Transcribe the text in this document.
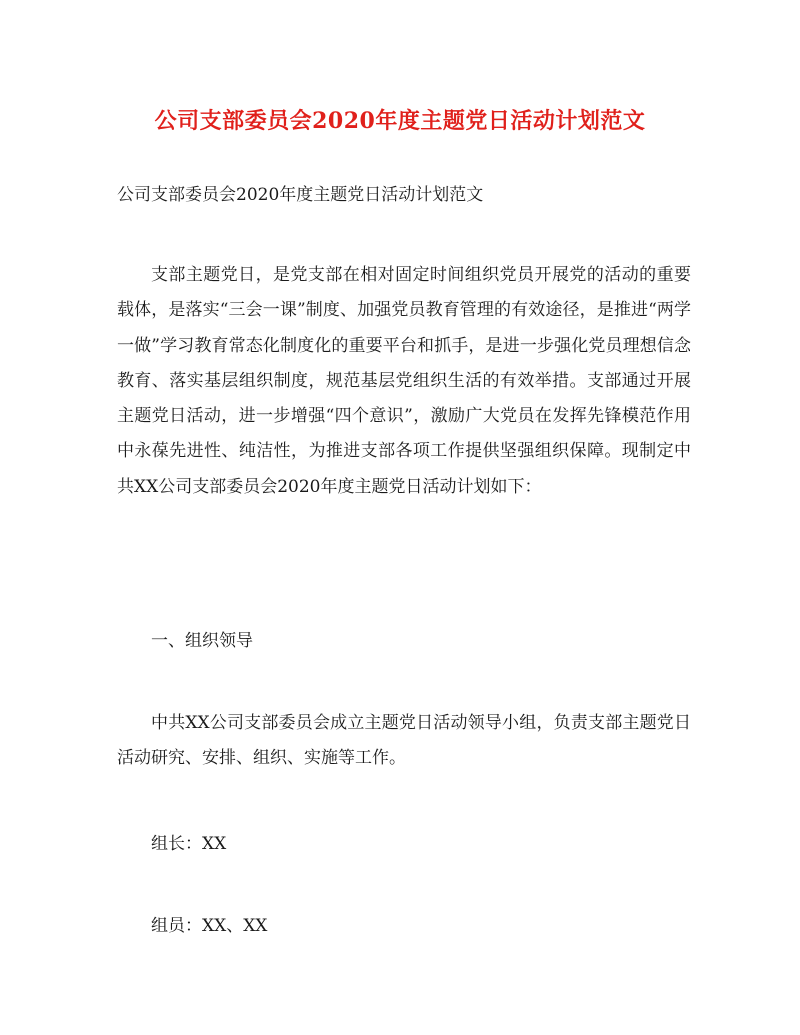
公司支部委员会2020年度主题党日活动计划范文
公司支部委员会2020年度主题党日活动计划范文
支部主题党日，是党支部在相对固定时间组织党员开展党的活动的重要载体，是落实“三会一课”制度、加强党员教育管理的有效途径，是推进“两学一做”学习教育常态化制度化的重要平台和抓手，是进一步强化党员理想信念教育、落实基层组织制度，规范基层党组织生活的有效举措。支部通过开展主题党日活动，进一步增强“四个意识”，激励广大党员在发挥先锋模范作用中永葆先进性、纯洁性，为推进支部各项工作提供坚强组织保障。现制定中共XX公司支部委员会2020年度主题党日活动计划如下：
一、组织领导
中共XX公司支部委员会成立主题党日活动领导小组，负责支部主题党日活动研究、安排、组织、实施等工作。
组长：XX
组员：XX、XX
